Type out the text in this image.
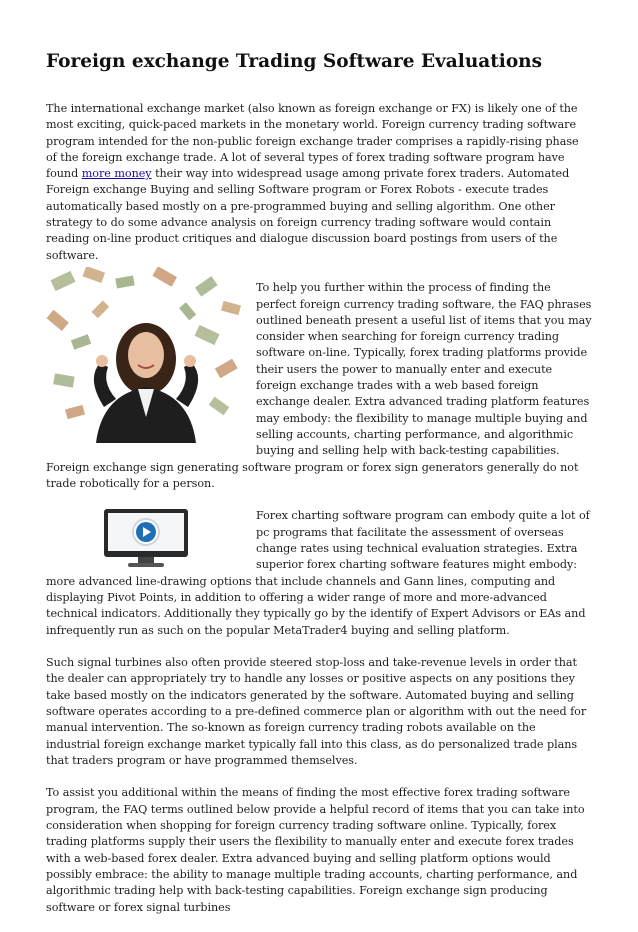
Foreign exchange Trading Software Evaluations

The international exchange market (also known as foreign exchange or FX) is likely one of the most exciting, quick-paced markets in the monetary world. Foreign currency trading software program intended for the non-public foreign exchange trader comprises a rapidly-rising phase of the foreign exchange trade. A lot of several types of forex trading software program have found more money their way into widespread usage among private forex traders. Automated Foreign exchange Buying and selling Software program or Forex Robots - execute trades automatically based mostly on a pre-programmed buying and selling algorithm. One other strategy to do some advance analysis on foreign currency trading software would contain reading on-line product critiques and dialogue discussion board postings from users of the software.

To help you further within the process of finding the perfect foreign currency trading software, the FAQ phrases outlined beneath present a useful list of items that you may consider when searching for foreign currency trading software on-line. Typically, forex trading platforms provide their users the power to manually enter and execute foreign exchange trades with a web based foreign exchange dealer. Extra advanced trading platform features may embody: the flexibility to manage multiple buying and selling accounts, charting performance, and algorithmic buying and selling help with back-testing capabilities. Foreign exchange sign generating software program or forex sign generators generally do not trade robotically for a person.

Forex charting software program can embody quite a lot of pc programs that facilitate the assessment of overseas change rates using technical evaluation strategies. Extra superior forex charting software features might embody: more advanced line-drawing options that include channels and Gann lines, computing and displaying Pivot Points, in addition to offering a wider range of more and more-advanced technical indicators. Additionally they typically go by the identify of Expert Advisors or EAs and infrequently run as such on the popular MetaTrader4 buying and selling platform.

Such signal turbines also often provide steered stop-loss and take-revenue levels in order that the dealer can appropriately try to handle any losses or positive aspects on any positions they take based mostly on the indicators generated by the software. Automated buying and selling software operates according to a pre-defined commerce plan or algorithm with out the need for manual intervention. The so-known as foreign currency trading robots available on the industrial foreign exchange market typically fall into this class, as do personalized trade plans that traders program or have programmed themselves.

To assist you additional within the means of finding the most effective forex trading software program, the FAQ terms outlined below provide a helpful record of items that you can take into consideration when shopping for foreign currency trading software online. Typically, forex trading platforms supply their users the flexibility to manually enter and execute forex trades with a web-based forex dealer. Extra advanced buying and selling platform options would possibly embrace: the ability to manage multiple trading accounts, charting performance, and algorithmic trading help with back-testing capabilities. Foreign exchange sign producing software or forex signal turbines
